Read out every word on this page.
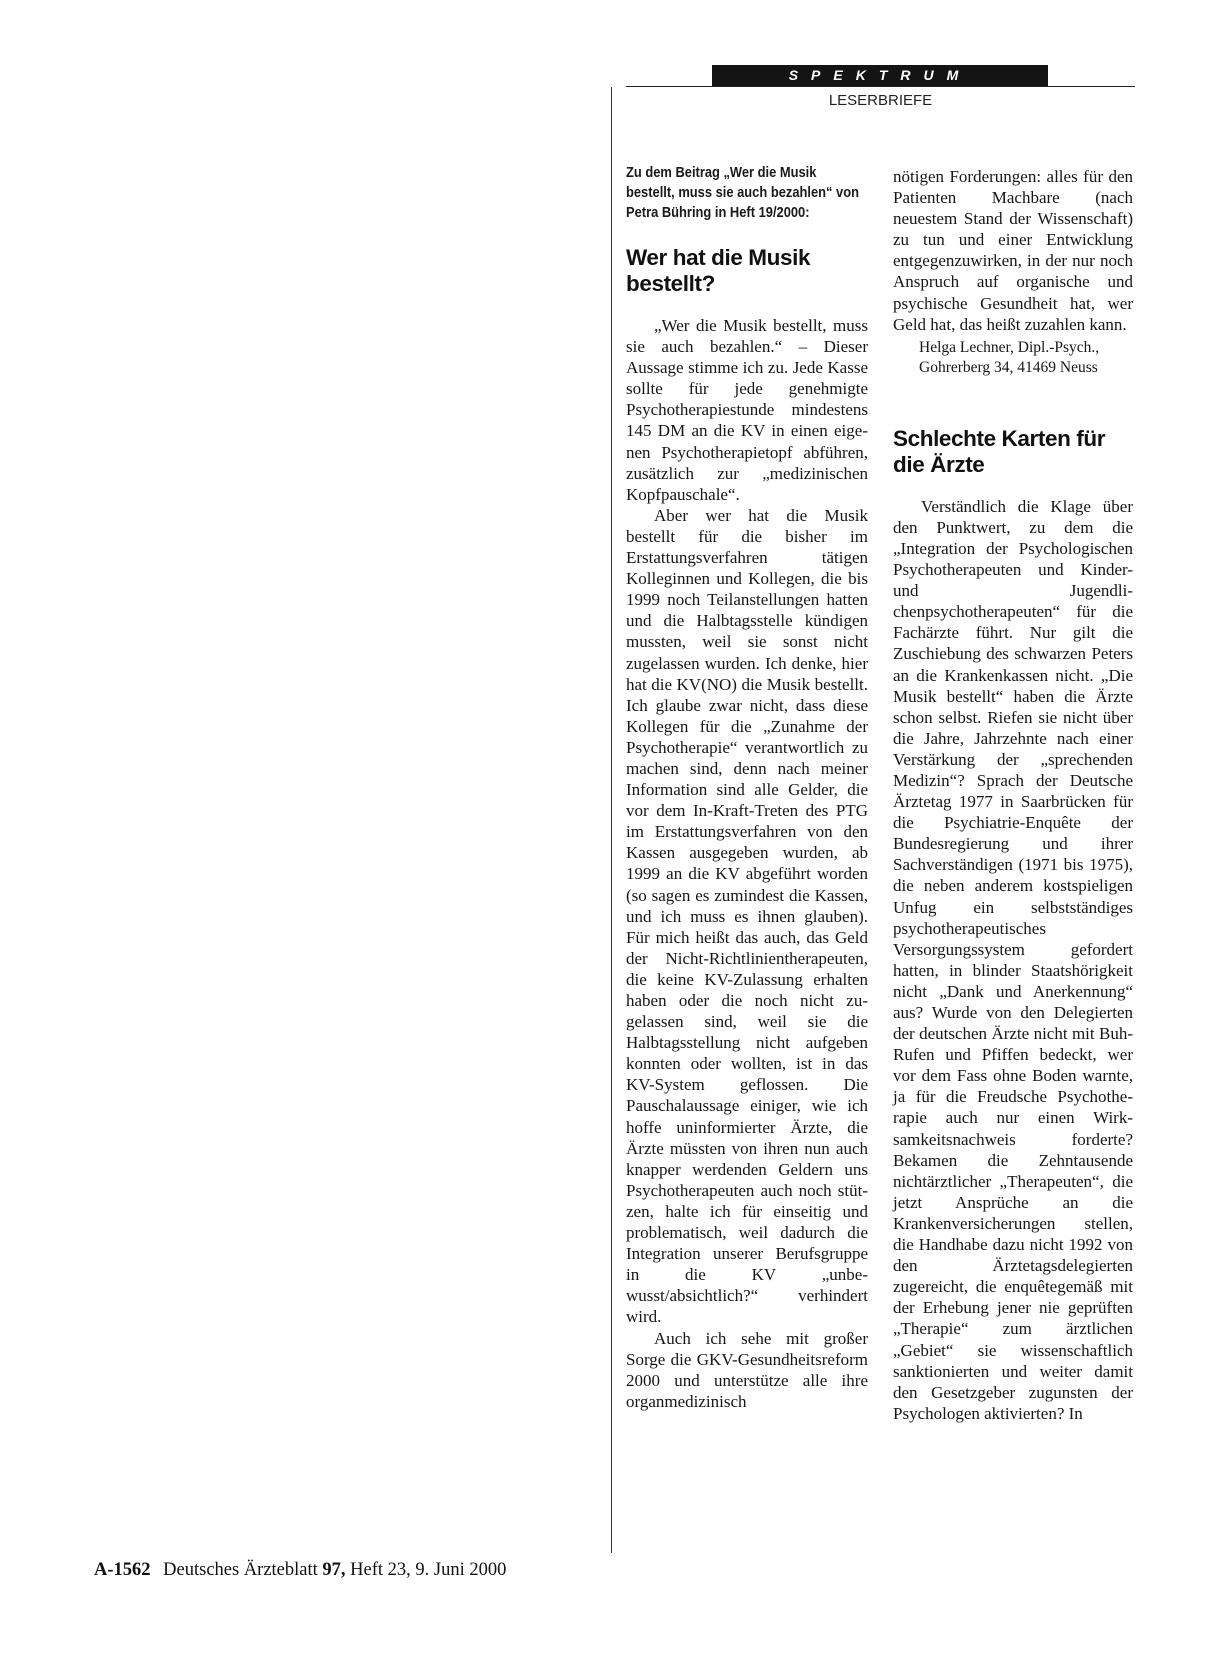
SPEKTRUM
LESERBRIEFE

Zu dem Beitrag „Wer die Musik bestellt, muss sie auch bezahlen“ von Petra Bühring in Heft 19/2000:

Wer hat die Musik bestellt?

„Wer die Musik bestellt, muss sie auch bezahlen.“ – Dieser Aussage stimme ich zu. Jede Kasse sollte für jede genehmigte Psychotherapiestunde mindestens 145 DM an die KV in einen eigenen Psychotherapietopf abführen, zusätzlich zur „medizinischen Kopfpauschale“.

Aber wer hat die Musik bestellt für die bisher im Erstattungsverfahren tätigen Kolleginnen und Kollegen, die bis 1999 noch Teilanstellungen hatten und die Halbtagsstelle kündigen mussten, weil sie sonst nicht zugelassen wurden. Ich denke, hier hat die KV(NO) die Musik bestellt. Ich glaube zwar nicht, dass diese Kollegen für die „Zunahme der Psychotherapie“ verantwortlich zu machen sind, denn nach meiner Information sind alle Gelder, die vor dem In-Kraft-Treten des PTG im Erstattungsverfahren von den Kassen ausgegeben wurden, ab 1999 an die KV abgeführt worden (so sagen es zumindest die Kassen, und ich muss es ihnen glauben). Für mich heißt das auch, das Geld der Nicht-Richtlinientherapeuten, die keine KV-Zulassung erhalten haben oder die noch nicht zugelassen sind, weil sie die Halbtagsstellung nicht aufgeben konnten oder wollten, ist in das KV-System geflossen. Die Pauschalaussage einiger, wie ich hoffe uninformierter Ärzte, die Ärzte müssten von ihren nun auch knapper werdenden Geldern uns Psychotherapeuten auch noch stützen, halte ich für einseitig und problematisch, weil dadurch die Integration unserer Berufsgruppe in die KV „unbewusst/absichtlich?“ verhindert wird.

Auch ich sehe mit großer Sorge die GKV-Gesundheitsreform 2000 und unterstütze alle ihre organmedizinisch

nötigen Forderungen: alles für den Patienten Machbare (nach neuestem Stand der Wissenschaft) zu tun und einer Entwicklung entgegenzuwirken, in der nur noch Anspruch auf organische und psychische Gesundheit hat, wer Geld hat, das heißt zuzahlen kann.

Helga Lechner, Dipl.-Psych.,
Gohrerberg 34, 41469 Neuss

Schlechte Karten für die Ärzte

Verständlich die Klage über den Punktwert, zu dem die „Integration der Psychologischen Psychotherapeuten und Kinder- und Jugendlichenpsychotherapeuten“ für die Fachärzte führt. Nur gilt die Zuschiebung des schwarzen Peters an die Krankenkassen nicht. „Die Musik bestellt“ haben die Ärzte schon selbst. Riefen sie nicht über die Jahre, Jahrzehnte nach einer Verstärkung der „sprechenden Medizin“? Sprach der Deutsche Ärztetag 1977 in Saarbrücken für die Psychiatrie-Enquête der Bundesregierung und ihrer Sachverständigen (1971 bis 1975), die neben anderem kostspieligen Unfug ein selbstständiges psychotherapeutisches Versorgungssystem gefordert hatten, in blinder Staatshörigkeit nicht „Dank und Anerkennung“ aus? Wurde von den Delegierten der deutschen Ärzte nicht mit Buh-Rufen und Pfiffen bedeckt, wer vor dem Fass ohne Boden warnte, ja für die Freudsche Psychotherapie auch nur einen Wirksamkeitsnachweis forderte? Bekamen die Zehntausende nichtärztlicher „Therapeuten“, die jetzt Ansprüche an die Krankenversicherungen stellen, die Handhabe dazu nicht 1992 von den Ärztetagsdelegierten zugereicht, die enquêtegemäß mit der Erhebung jener nie geprüften „Therapie“ zum ärztlichen „Gebiet“ sie wissenschaftlich sanktionierten und weiter damit den Gesetzgeber zugunsten der Psychologen aktivierten? In

A-1562 Deutsches Ärzteblatt 97, Heft 23, 9. Juni 2000
